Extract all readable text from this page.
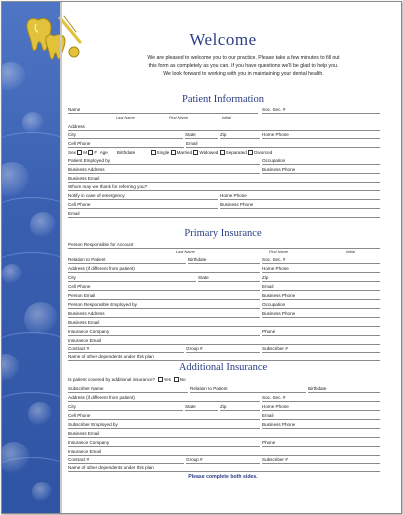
Welcome
We are pleased to welcome you to our practice. Please take a few minutes to fill out
this form as completely as you can. If you have questions we'll be glad to help you.
We look forward to working with you in maintaining your dental health.
Patient Information
Name	Soc. Sec. #
Last Name	First Name	Initial
Address
City	State	Zip	Home Phone
Cell Phone	Email
Sex M F Age Birthdate	Single Married Widowed Separated Divorced
Patient Employed by	Occupation
Business Address	Business Phone
Business Email
Whom may we thank for referring you?
Notify in case of emergency	Home Phone
Cell Phone	Business Phone
Email
Primary Insurance
Person Responsible for Account
Last Name	First Name	Initial
Relation to Patient	Birthdate	Soc. Sec. #
Address (if different from patient)	Home Phone
City	State	Zip
Cell Phone	Email
Person Email	Business Phone
Person Responsible Employed by	Occupation
Business Address	Business Phone
Business Email
Insurance Company	Phone
Insurance Email
Contract #	Group #	Subscriber #
Name of other dependents under this plan
Additional Insurance
Is patient covered by additional insurance? Yes No
Subscriber Name	Relation to Patient	Birthdate
Address (if different from patient)	Soc. Sec. #
City	State	Zip	Home Phone
Cell Phone	Email
Subscriber Employed by	Business Phone
Business Email
Insurance Company	Phone
Insurance Email
Contract #	Group #	Subscriber #
Name of other dependents under this plan
Please complete both sides.
